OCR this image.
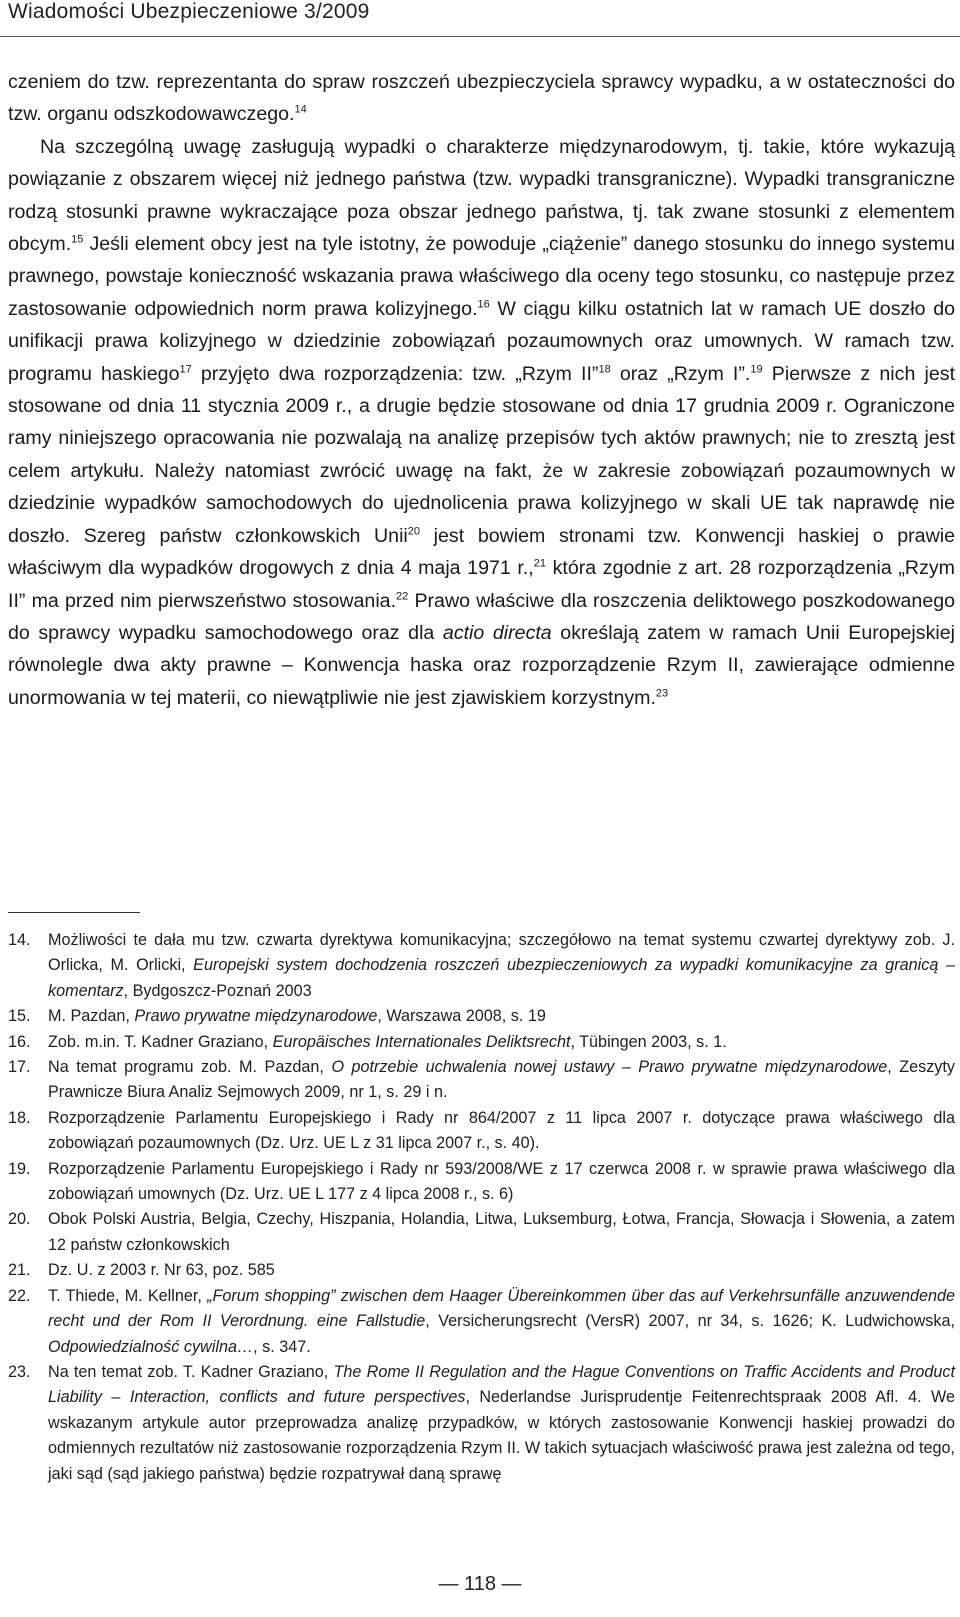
Wiadomości Ubezpieczeniowe 3/2009

czeniem do tzw. reprezentanta do spraw roszczeń ubezpieczyciela sprawcy wypadku, a w ostateczności do tzw. organu odszkodowawczego.$^{14}$

Na szczególną uwagę zasługują wypadki o charakterze międzynarodowym, tj. takie, które wykazują powiązanie z obszarem więcej niż jednego państwa (tzw. wypadki transgraniczne). Wypadki transgraniczne rodzą stosunki prawne wykraczające poza obszar jednego państwa, tj. tak zwane stosunki z elementem obcym.$^{15}$ Jeśli element obcy jest na tyle istotny, że powoduje „ciążenie” danego stosunku do innego systemu prawnego, powstaje konieczność wskazania prawa właściwego dla oceny tego stosunku, co następuje przez zastosowanie odpowiednich norm prawa kolizyjnego.$^{16}$ W ciągu kilku ostatnich lat w ramach UE doszło do unifikacji prawa kolizyjnego w dziedzinie zobowiązań pozaumownych oraz umownych. W ramach tzw. programu haskiego$^{17}$ przyjęto dwa rozporządzenia: tzw. „Rzym II”$^{18}$ oraz „Rzym I”.$^{19}$ Pierwsze z nich jest stosowane od dnia 11 stycznia 2009 r., a drugie będzie stosowane od dnia 17 grudnia 2009 r. Ograniczone ramy niniejszego opracowania nie pozwalają na analizę przepisów tych aktów prawnych; nie to zresztą jest celem artykułu. Należy natomiast zwrócić uwagę na fakt, że w zakresie zobowiązań pozaumownych w dziedzinie wypadków samochodowych do ujednolicenia prawa kolizyjnego w skali UE tak naprawdę nie doszło. Szereg państw członkowskich Unii$^{20}$ jest bowiem stronami tzw. Konwencji haskiej o prawie właściwym dla wypadków drogowych z dnia 4 maja 1971 r.,$^{21}$ która zgodnie z art. 28 rozporządzenia „Rzym II” ma przed nim pierwszeństwo stosowania.$^{22}$ Prawo właściwe dla roszczenia deliktowego poszkodowanego do sprawcy wypadku samochodowego oraz dla actio directa określają zatem w ramach Unii Europejskiej równolegle dwa akty prawne – Konwencja haska oraz rozporządzenie Rzym II, zawierające odmienne unormowania w tej materii, co niewątpliwie nie jest zjawiskiem korzystnym.$^{23}$

14. Możliwości te dała mu tzw. czwarta dyrektywa komunikacyjna; szczegółowo na temat systemu czwartej dyrektywy zob. J. Orlicka, M. Orlicki, Europejski system dochodzenia roszczeń ubezpieczeniowych za wypadki komunikacyjne za granicą – komentarz, Bydgoszcz-Poznań 2003
15. M. Pazdan, Prawo prywatne międzynarodowe, Warszawa 2008, s. 19
16. Zob. m.in. T. Kadner Graziano, Europäisches Internationales Deliktsrecht, Tübingen 2003, s. 1.
17. Na temat programu zob. M. Pazdan, O potrzebie uchwalenia nowej ustawy – Prawo prywatne międzynarodowe, Zeszyty Prawnicze Biura Analiz Sejmowych 2009, nr 1, s. 29 i n.
18. Rozporządzenie Parlamentu Europejskiego i Rady nr 864/2007 z 11 lipca 2007 r. dotyczące prawa właściwego dla zobowiązań pozaumownych (Dz. Urz. UE L z 31 lipca 2007 r., s. 40).
19. Rozporządzenie Parlamentu Europejskiego i Rady nr 593/2008/WE z 17 czerwca 2008 r. w sprawie prawa właściwego dla zobowiązań umownych (Dz. Urz. UE L 177 z 4 lipca 2008 r., s. 6)
20. Obok Polski Austria, Belgia, Czechy, Hiszpania, Holandia, Litwa, Luksemburg, Łotwa, Francja, Słowacja i Słowenia, a zatem 12 państw członkowskich
21. Dz. U. z 2003 r. Nr 63, poz. 585
22. T. Thiede, M. Kellner, „Forum shopping” zwischen dem Haager Übereinkommen über das auf Verkehrsunfälle anzuwendende recht und der Rom II Verordnung. eine Fallstudie, Versicherungsrecht (VersR) 2007, nr 34, s. 1626; K. Ludwichowska, Odpowiedzialność cywilna…, s. 347.
23. Na ten temat zob. T. Kadner Graziano, The Rome II Regulation and the Hague Conventions on Traffic Accidents and Product Liability – Interaction, conflicts and future perspectives, Nederlandse Jurisprudentje Feitenrechtspraak 2008 Afl. 4. We wskazanym artykule autor przeprowadza analizę przypadków, w których zastosowanie Konwencji haskiej prowadzi do odmiennych rezultatów niż zastosowanie rozporządzenia Rzym II. W takich sytuacjach właściwość prawa jest zależna od tego, jaki sąd (sąd jakiego państwa) będzie rozpatrywał daną sprawę
— 118 —
